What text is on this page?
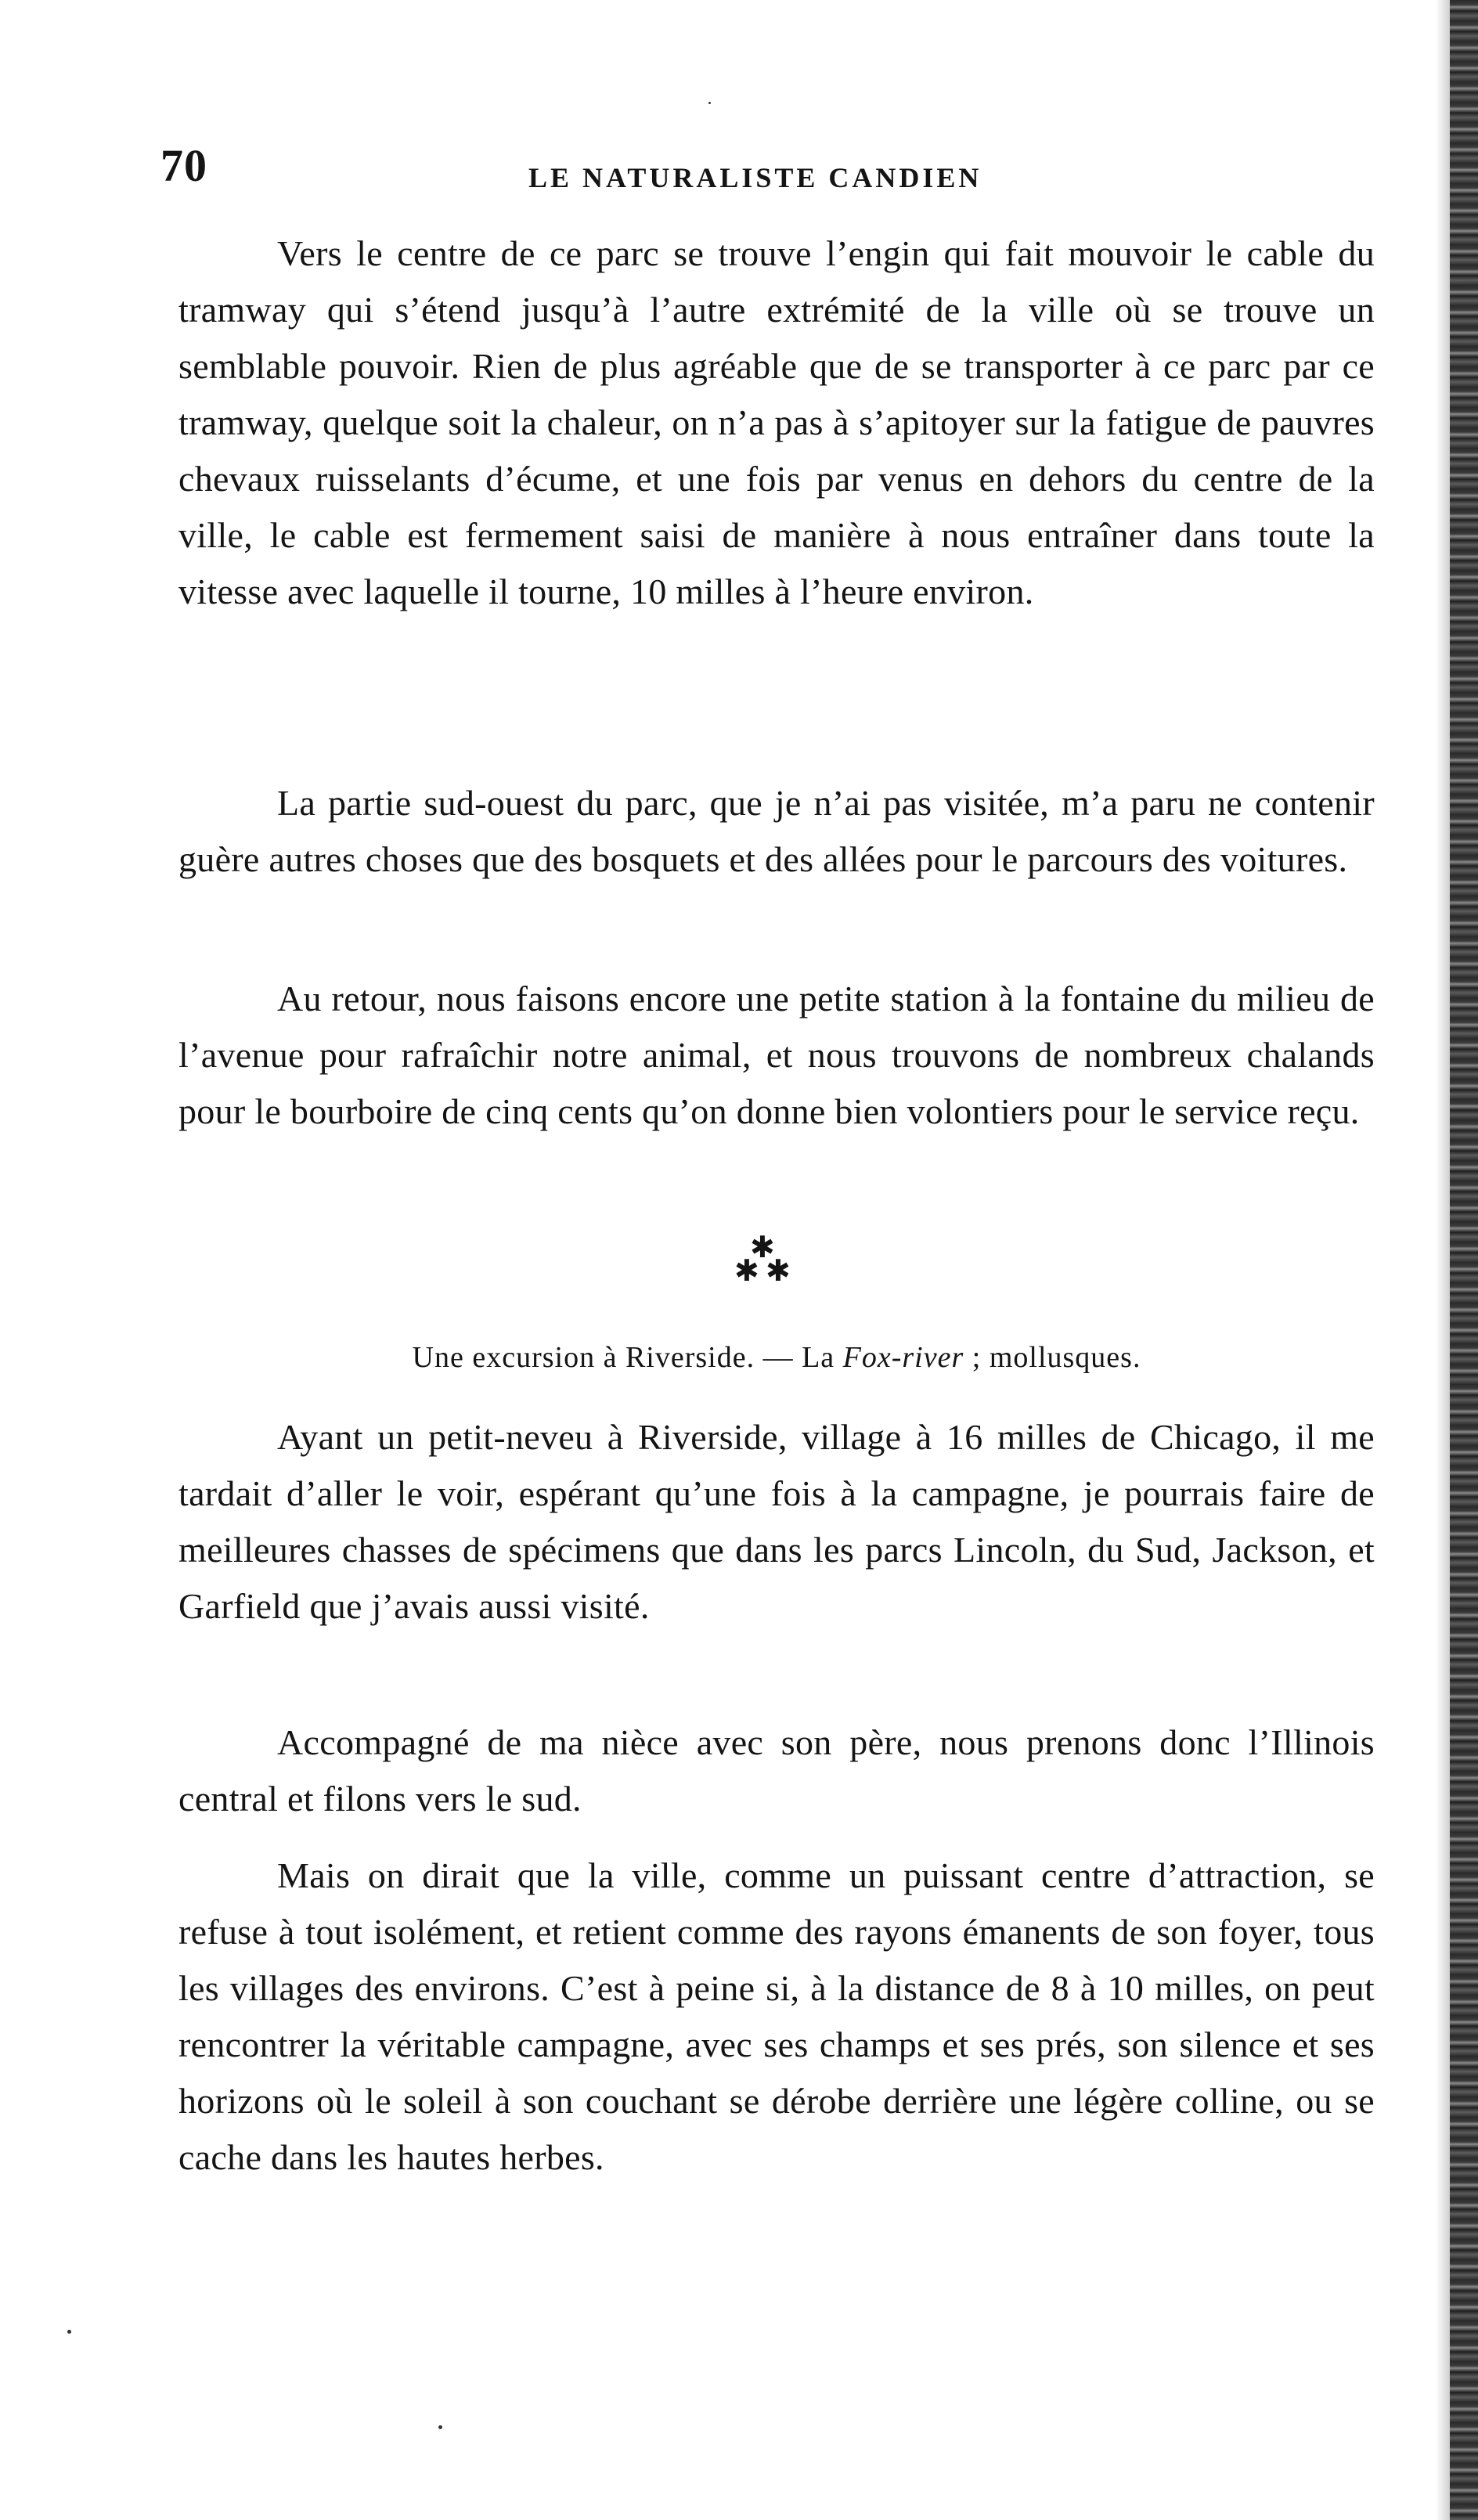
70	LE NATURALISTE CANDIEN

Vers le centre de ce parc se trouve l’engin qui fait mouvoir le cable du tramway qui s’étend jusqu’à l’autre extrémité de la ville où se trouve un semblable pouvoir. Rien de plus agréable que de se transporter à ce parc par ce tramway, quelque soit la chaleur, on n’a pas à s’apitoyer sur la fatigue de pauvres chevaux ruisselants d’écume, et une fois par venus en dehors du centre de la ville, le cable est fermement saisi de manière à nous entraîner dans toute la vitesse avec laquelle il tourne, 10 milles à l’heure environ.

La partie sud-ouest du parc, que je n’ai pas visitée, m’a paru ne contenir guère autres choses que des bosquets et des allées pour le parcours des voitures.

Au retour, nous faisons encore une petite station à la fontaine du milieu de l’avenue pour rafraîchir notre animal, et nous trouvons de nombreux chalands pour le bourboire de cinq cents qu’on donne bien volontiers pour le service reçu.

✱
✱ ✱
Une excursion à Riverside. — La Fox-river ; mollusques.

Ayant un petit-neveu à Riverside, village à 16 milles de Chicago, il me tardait d’aller le voir, espérant qu’une fois à la campagne, je pourrais faire de meilleures chasses de spécimens que dans les parcs Lincoln, du Sud, Jackson, et Garfield que j’avais aussi visité.

Accompagné de ma nièce avec son père, nous prenons donc l’Illinois central et filons vers le sud.

Mais on dirait que la ville, comme un puissant centre d’attraction, se refuse à tout isolément, et retient comme des rayons émanents de son foyer, tous les villages des environs. C’est à peine si, à la distance de 8 à 10 milles, on peut rencontrer la véritable campagne, avec ses champs et ses prés, son silence et ses horizons où le soleil à son couchant se dérobe derrière une légère colline, ou se cache dans les hautes herbes.
